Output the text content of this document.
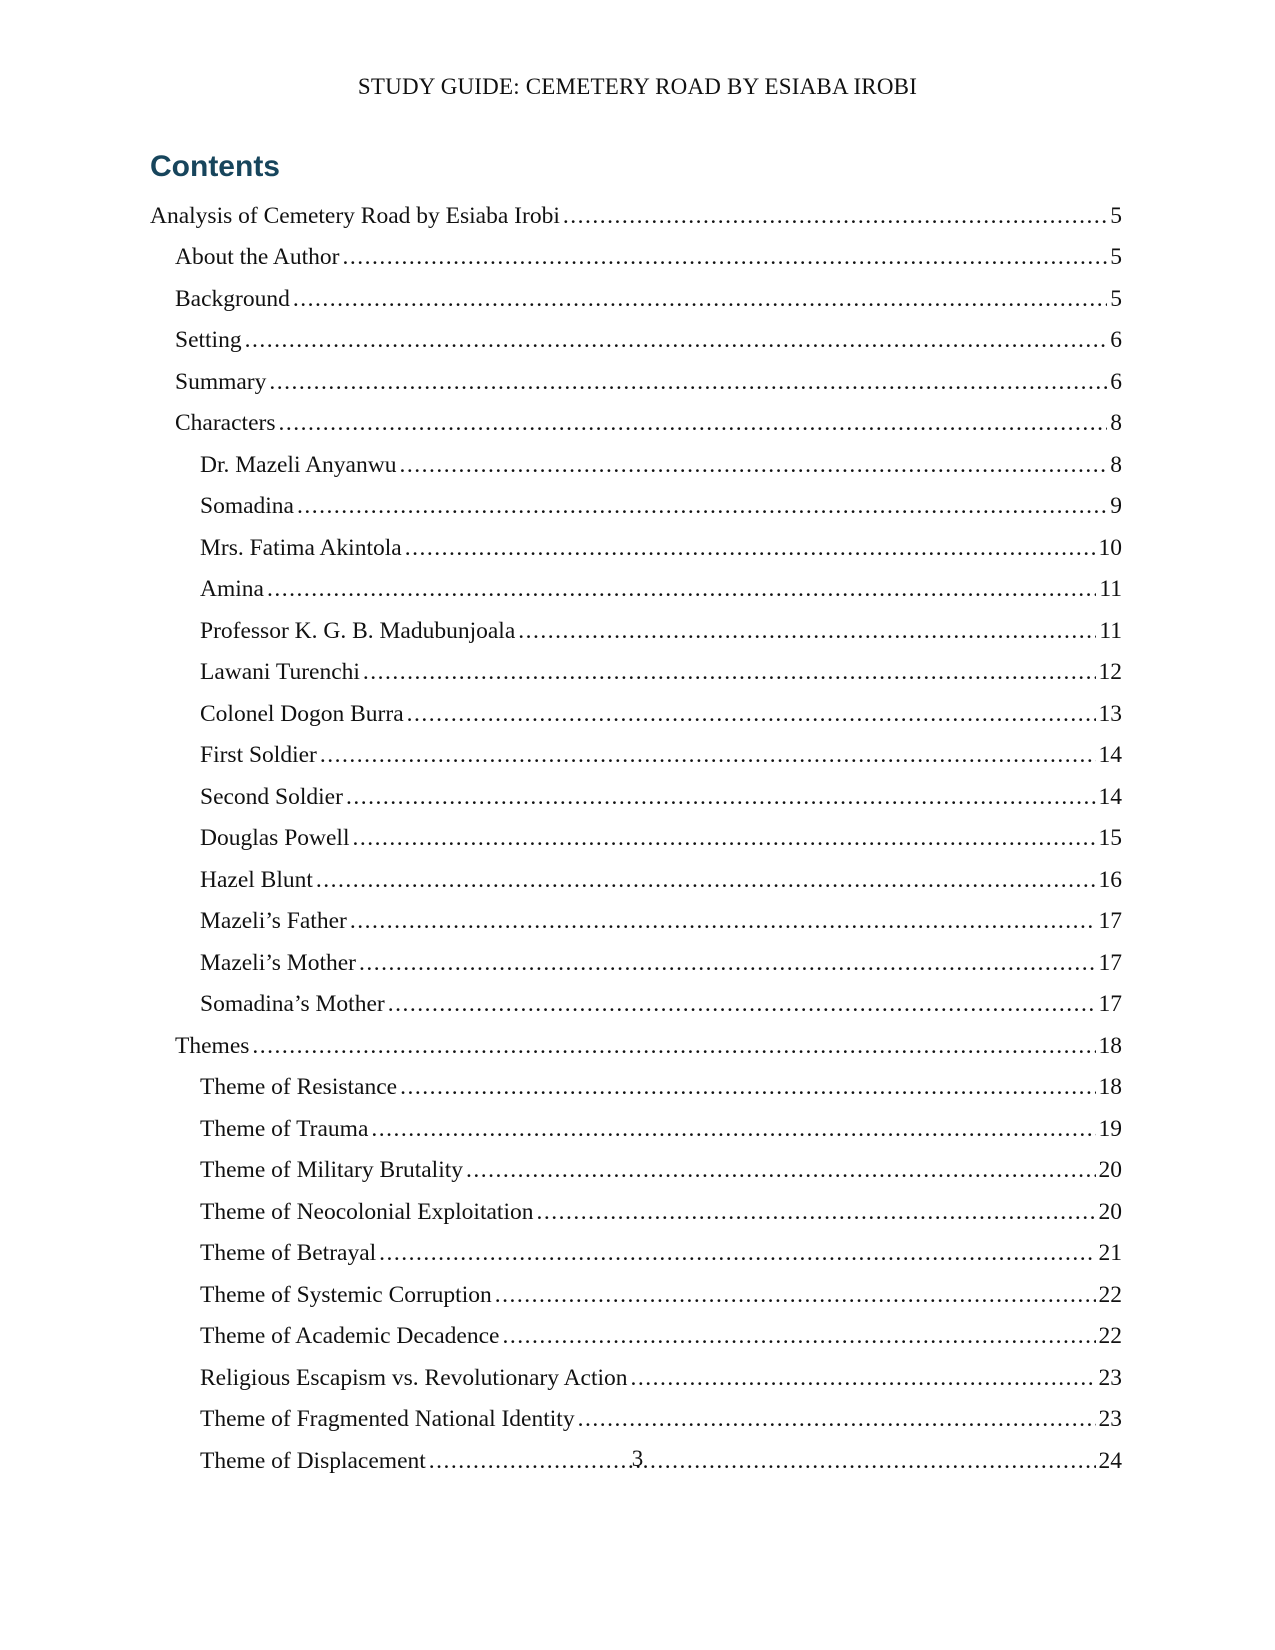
STUDY GUIDE: CEMETERY ROAD BY ESIABA IROBI
Contents
Analysis of Cemetery Road by Esiaba Irobi .....	5
About the Author .....	5
Background .....	5
Setting .....	6
Summary .....	6
Characters .....	8
Dr. Mazeli Anyanwu .....	8
Somadina .....	9
Mrs. Fatima Akintola .....	10
Amina .....	11
Professor K. G. B. Madubunjoala .....	11
Lawani Turenchi .....	12
Colonel Dogon Burra .....	13
First Soldier .....	14
Second Soldier .....	14
Douglas Powell .....	15
Hazel Blunt .....	16
Mazeli’s Father .....	17
Mazeli’s Mother .....	17
Somadina’s Mother .....	17
Themes .....	18
Theme of Resistance .....	18
Theme of Trauma .....	19
Theme of Military Brutality .....	20
Theme of Neocolonial Exploitation .....	20
Theme of Betrayal .....	21
Theme of Systemic Corruption .....	22
Theme of Academic Decadence .....	22
Religious Escapism vs. Revolutionary Action .....	23
Theme of Fragmented National Identity .....	23
Theme of Displacement .....	24
3
